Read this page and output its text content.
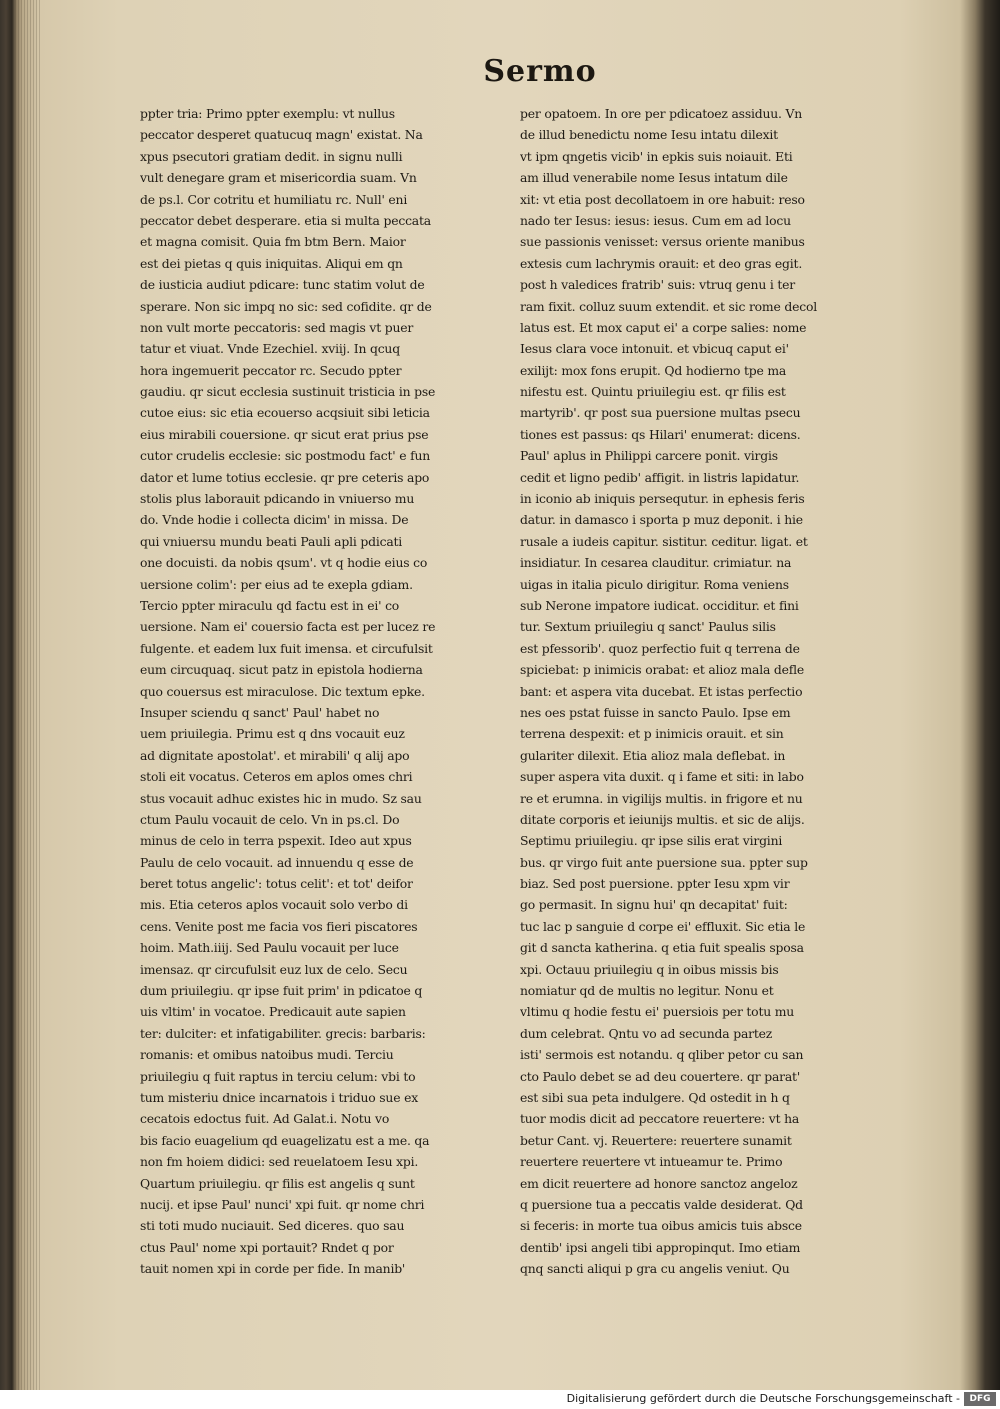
Sermo
ppter tria: Primo ppter exemplu: vt nullus
peccator desperet quatucuq magn' existat. Na
xpus psecutori gratiam dedit. in signu nulli
vult denegare gram et misericordia suam. Vn
de ps.l. Cor cotritu et humiliatu rc. Null' eni
peccator debet desperare. etia si multa peccata
et magna comisit. Quia fm btm Bern. Maior
est dei pietas q quis iniquitas. Aliqui em qn
de iusticia audiut pdicare: tunc statim volut de
sperare. Non sic impq no sic: sed cofidite. qr de
non vult morte peccatoris: sed magis vt puer
tatur et viuat. Vnde Ezechiel. xviij. In qcuq
hora ingemuerit peccator rc. Secudo ppter
gaudiu. qr sicut ecclesia sustinuit tristicia in pse
cutoe eius: sic etia ecouerso acqsiuit sibi leticia
eius mirabili couersione. qr sicut erat prius pse
cutor crudelis ecclesie: sic postmodu fact' e fun
dator et lume totius ecclesie. qr pre ceteris apo
stolis plus laborauit pdicando in vniuerso mu
do. Vnde hodie i collecta dicim' in missa. De
qui vniuersu mundu beati Pauli apli pdicati
one docuisti. da nobis qsum'. vt q hodie eius co
uersione colim': per eius ad te exepla gdiam.
Tercio ppter miraculu qd factu est in ei' co
uersione. Nam ei' couersio facta est per lucez re
fulgente. et eadem lux fuit imensa. et circufulsit
eum circuquaq. sicut patz in epistola hodierna
quo couersus est miraculose. Dic textum epke.
Insuper sciendu q sanct' Paul' habet no
uem priuilegia. Primu est q dns vocauit euz
ad dignitate apostolat'. et mirabili' q alij apo
stoli eit vocatus. Ceteros em aplos omes chri
stus vocauit adhuc existes hic in mudo. Sz sau
ctum Paulu vocauit de celo. Vn in ps.cl. Do
minus de celo in terra pspexit. Ideo aut xpus
Paulu de celo vocauit. ad innuendu q esse de
beret totus angelic': totus celit': et tot' deifor
mis. Etia ceteros aplos vocauit solo verbo di
cens. Venite post me facia vos fieri piscatores
hoim. Math.iiij. Sed Paulu vocauit per luce
imensaz. qr circufulsit euz lux de celo. Secu
dum priuilegiu. qr ipse fuit prim' in pdicatoe q
uis vltim' in vocatoe. Predicauit aute sapien
ter: dulciter: et infatigabiliter. grecis: barbaris:
romanis: et omibus natoibus mudi. Terciu
priuilegiu q fuit raptus in terciu celum: vbi to
tum misteriu dnice incarnatois i triduo sue ex
cecatois edoctus fuit. Ad Galat.i. Notu vo
bis facio euagelium qd euagelizatu est a me. qa
non fm hoiem didici: sed reuelatoem Iesu xpi.
Quartum priuilegiu. qr filis est angelis q sunt
nucij. et ipse Paul' nunci' xpi fuit. qr nome chri
sti toti mudo nuciauit. Sed diceres. quo sau
ctus Paul' nome xpi portauit? Rndet q por
tauit nomen xpi in corde per fide. In manib'
per opatoem. In ore per pdicatoez assiduu. Vn
de illud benedictu nome Iesu intatu dilexit
vt ipm qngetis vicib' in epkis suis noiauit. Eti
am illud venerabile nome Iesus intatum dile
xit: vt etia post decollatoem in ore habuit: reso
nado ter Iesus: iesus: iesus. Cum em ad locu
sue passionis venisset: versus oriente manibus
extesis cum lachrymis orauit: et deo gras egit.
post h valedices fratrib' suis: vtruq genu i ter
ram fixit. colluz suum extendit. et sic rome decol
latus est. Et mox caput ei' a corpe salies: nome
Iesus clara voce intonuit. et vbicuq caput ei'
exilijt: mox fons erupit. Qd hodierno tpe ma
nifestu est. Quintu priuilegiu est. qr filis est
martyrib'. qr post sua puersione multas psecu
tiones est passus: qs Hilari' enumerat: dicens.
Paul' aplus in Philippi carcere ponit. virgis
cedit et ligno pedib' affigit. in listris lapidatur.
in iconio ab iniquis persequtur. in ephesis feris
datur. in damasco i sporta p muz deponit. i hie
rusale a iudeis capitur. sistitur. ceditur. ligat. et
insidiatur. In cesarea clauditur. crimiatur. na
uigas in italia piculo dirigitur. Roma veniens
sub Nerone impatore iudicat. occiditur. et fini
tur. Sextum priuilegiu q sanct' Paulus silis
est pfessorib'. quoz perfectio fuit q terrena de
spiciebat: p inimicis orabat: et alioz mala defle
bant: et aspera vita ducebat. Et istas perfectio
nes oes pstat fuisse in sancto Paulo. Ipse em
terrena despexit: et p inimicis orauit. et sin
gulariter dilexit. Etia alioz mala deflebat. in
super aspera vita duxit. q i fame et siti: in labo
re et erumna. in vigilijs multis. in frigore et nu
ditate corporis et ieiunijs multis. et sic de alijs.
Septimu priuilegiu. qr ipse silis erat virgini
bus. qr virgo fuit ante puersione sua. ppter sup
biaz. Sed post puersione. ppter Iesu xpm vir
go permasit. In signu hui' qn decapitat' fuit:
tuc lac p sanguie d corpe ei' effluxit. Sic etia le
git d sancta katherina. q etia fuit spealis sposa
xpi. Octauu priuilegiu q in oibus missis bis
nomiatur qd de multis no legitur. Nonu et
vltimu q hodie festu ei' puersiois per totu mu
dum celebrat. Qntu vo ad secunda partez
isti' sermois est notandu. q qliber petor cu san
cto Paulo debet se ad deu couertere. qr parat'
est sibi sua peta indulgere. Qd ostedit in h q
tuor modis dicit ad peccatore reuertere: vt ha
betur Cant. vj. Reuertere: reuertere sunamit
reuertere reuertere vt intueamur te. Primo
em dicit reuertere ad honore sanctoz angeloz
q puersione tua a peccatis valde desiderat. Qd
si feceris: in morte tua oibus amicis tuis absce
dentib' ipsi angeli tibi appropinqut. Imo etiam
qnq sancti aliqui p gra cu angelis veniut. Qu
Digitalisierung gefördert durch die Deutsche Forschungsgemeinschaft -	DFG
